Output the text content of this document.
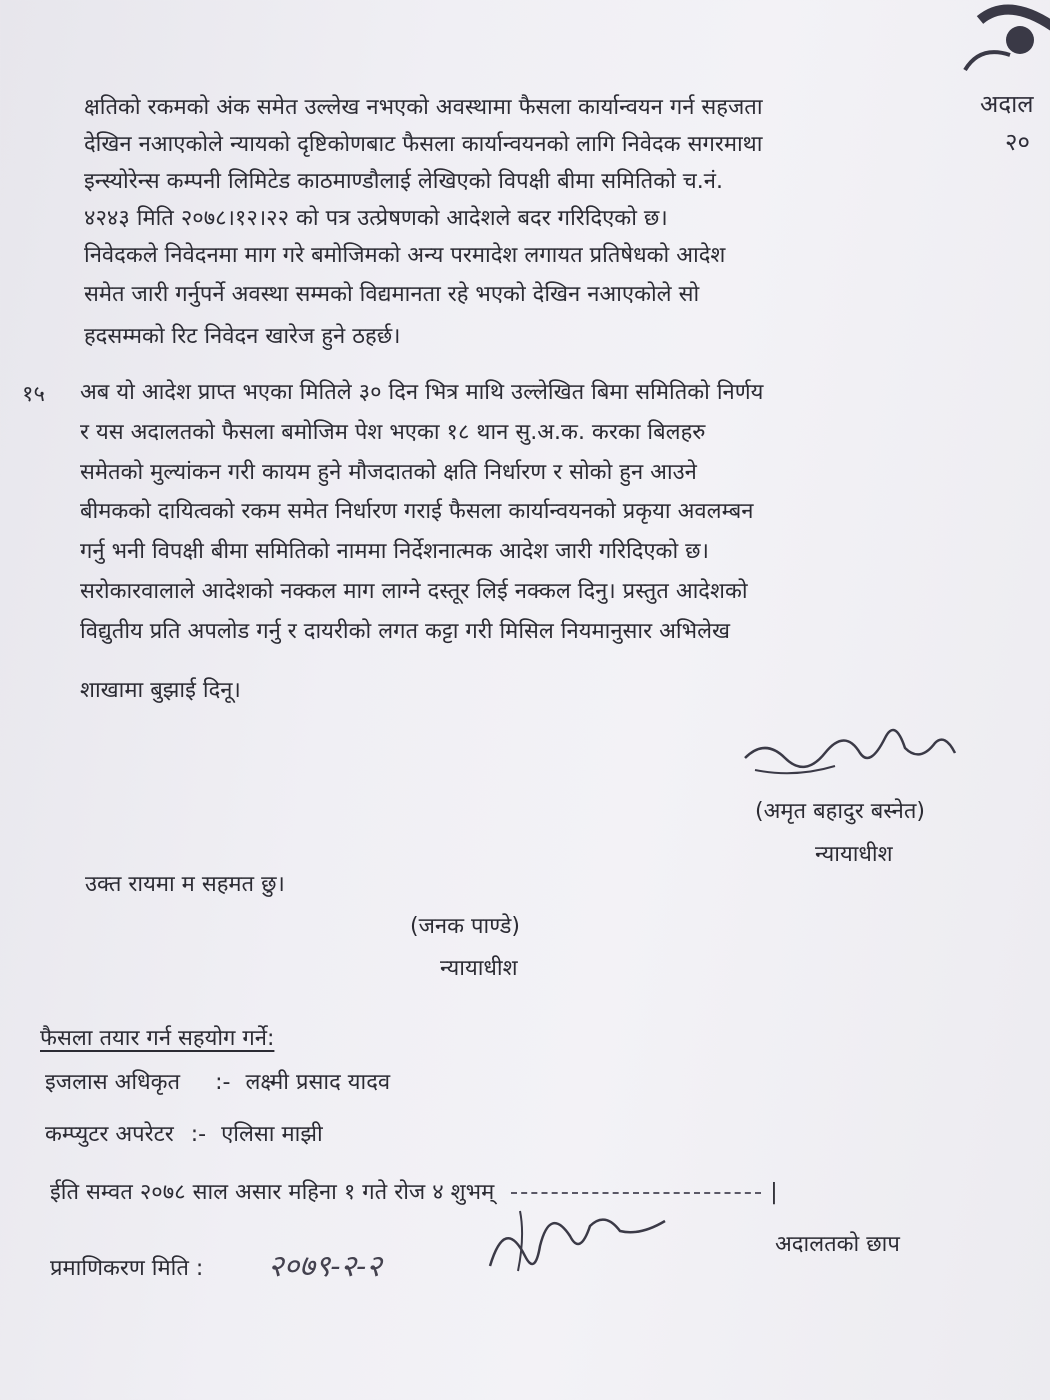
अदाल
२०
क्षतिको रकमको अंक समेत उल्लेख नभएको अवस्थामा फैसला कार्यान्वयन गर्न सहजता
देखिन नआएकोले न्यायको दृष्टिकोणबाट फैसला कार्यान्वयनको लागि निवेदक सगरमाथा
इन्स्योरेन्स कम्पनी लिमिटेड काठमाण्डौलाई लेखिएको विपक्षी बीमा समितिको च.नं.
४२४३ मिति २०७८।१२।२२ को पत्र उत्प्रेषणको आदेशले बदर गरिदिएको छ।
निवेदकले निवेदनमा माग गरे बमोजिमको अन्य परमादेश लगायत प्रतिषेधको आदेश
समेत जारी गर्नुपर्ने अवस्था सम्मको विद्यमानता रहे भएको देखिन नआएकोले सो
हदसम्मको रिट निवेदन खारेज हुने ठहर्छ।
१५ अब यो आदेश प्राप्त भएका मितिले ३० दिन भित्र माथि उल्लेखित बिमा समितिको निर्णय
र यस अदालतको फैसला बमोजिम पेश भएका १८ थान सु.अ.क. करका बिलहरु
समेतको मुल्यांकन गरी कायम हुने मौजदातको क्षति निर्धारण र सोको हुन आउने
बीमकको दायित्वको रकम समेत निर्धारण गराई फैसला कार्यान्वयनको प्रकृया अवलम्बन
गर्नु भनी विपक्षी बीमा समितिको नाममा निर्देशनात्मक आदेश जारी गरिदिएको छ।
सरोकारवालाले आदेशको नक्कल माग लाग्ने दस्तूर लिई नक्कल दिनु। प्रस्तुत आदेशको
विद्युतीय प्रति अपलोड गर्नु र दायरीको लगत कट्टा गरी मिसिल नियमानुसार अभिलेख
शाखामा बुझाई दिनू।
(अमृत बहादुर बस्नेत)
न्यायाधीश
उक्त रायमा म सहमत छु।
(जनक पाण्डे)
न्यायाधीश
फैसला तयार गर्न सहयोग गर्ने:
इजलास अधिकृत :- लक्ष्मी प्रसाद यादव
कम्प्युटर अपरेटर :- एलिसा माझी
ईति सम्वत २०७८ साल असार महिना १ गते रोज ४ शुभम्	|
प्रमाणिकरण मिति : २०७९-२-२
अदालतको छाप
